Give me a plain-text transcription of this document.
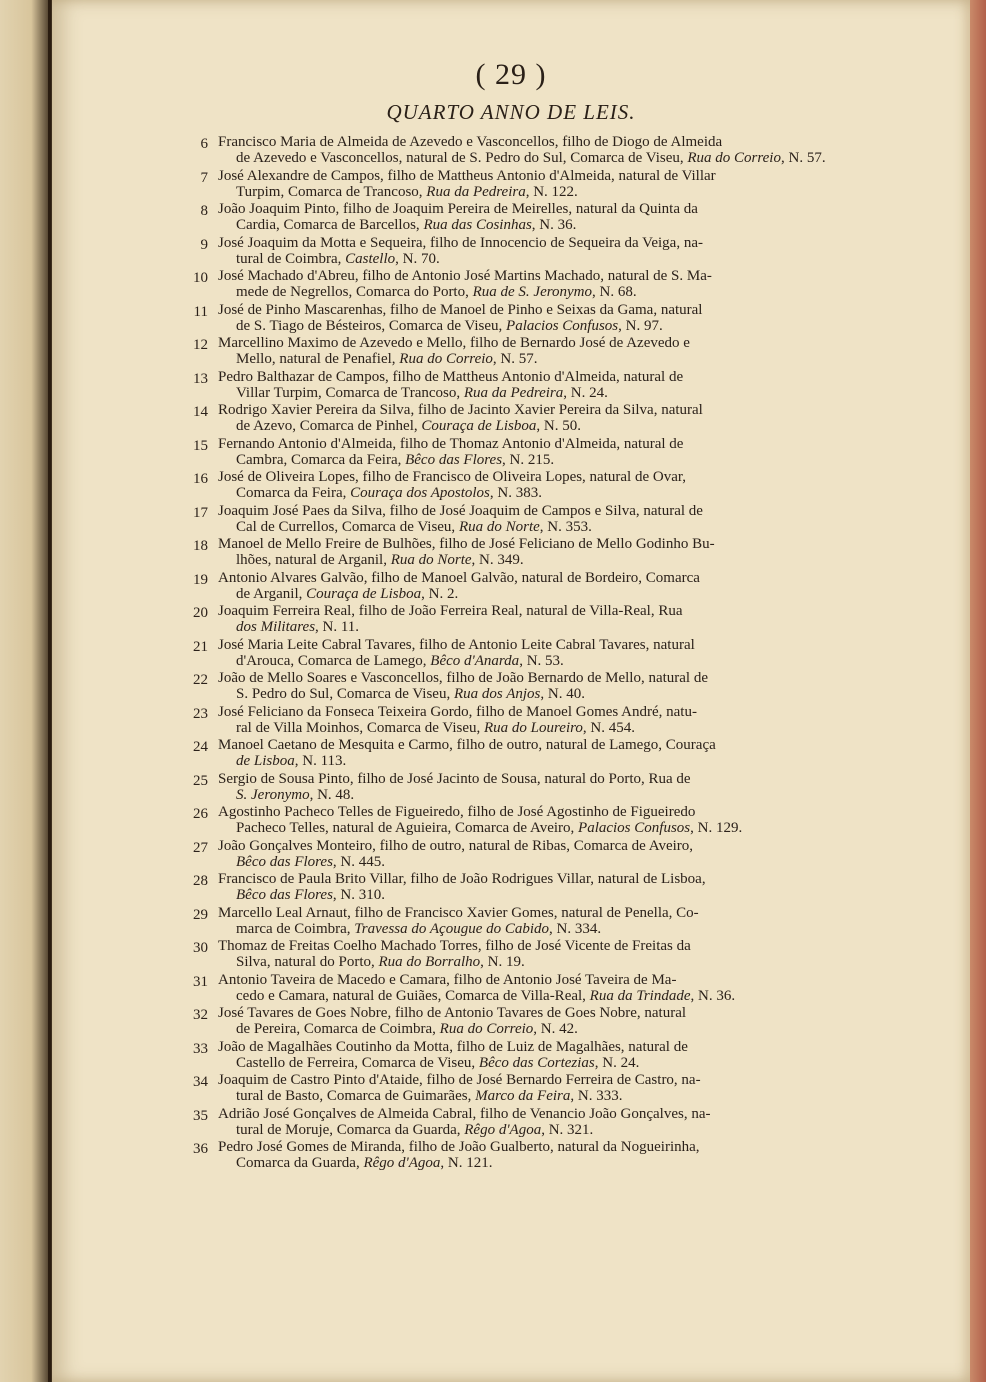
( 29 )
QUARTO ANNO DE LEIS.
6 Francisco Maria de Almeida de Azevedo e Vasconcellos, filho de Diogo de Almeida
de Azevedo e Vasconcellos, natural de S. Pedro do Sul, Comarca de Viseu, Rua do Correio, N. 57.
7 José Alexandre de Campos, filho de Mattheus Antonio d'Almeida, natural de Villar
Turpim, Comarca de Trancoso, Rua da Pedreira, N. 122.
8 João Joaquim Pinto, filho de Joaquim Pereira de Meirelles, natural da Quinta da
Cardia, Comarca de Barcellos, Rua das Cosinhas, N. 36.
9 José Joaquim da Motta e Sequeira, filho de Innocencio de Sequeira da Veiga, na-
tural de Coimbra, Castello, N. 70.
10 José Machado d'Abreu, filho de Antonio José Martins Machado, natural de S. Ma-
mede de Negrellos, Comarca do Porto, Rua de S. Jeronymo, N. 68.
11 José de Pinho Mascarenhas, filho de Manoel de Pinho e Seixas da Gama, natural
de S. Tiago de Bésteiros, Comarca de Viseu, Palacios Confusos, N. 97.
12 Marcellino Maximo de Azevedo e Mello, filho de Bernardo José de Azevedo e
Mello, natural de Penafiel, Rua do Correio, N. 57.
13 Pedro Balthazar de Campos, filho de Mattheus Antonio d'Almeida, natural de
Villar Turpim, Comarca de Trancoso, Rua da Pedreira, N. 24.
14 Rodrigo Xavier Pereira da Silva, filho de Jacinto Xavier Pereira da Silva, natural
de Azevo, Comarca de Pinhel, Couraça de Lisboa, N. 50.
15 Fernando Antonio d'Almeida, filho de Thomaz Antonio d'Almeida, natural de
Cambra, Comarca da Feira, Bêco das Flores, N. 215.
16 José de Oliveira Lopes, filho de Francisco de Oliveira Lopes, natural de Ovar,
Comarca da Feira, Couraça dos Apostolos, N. 383.
17 Joaquim José Paes da Silva, filho de José Joaquim de Campos e Silva, natural de
Cal de Currellos, Comarca de Viseu, Rua do Norte, N. 353.
18 Manoel de Mello Freire de Bulhões, filho de José Feliciano de Mello Godinho Bu-
lhões, natural de Arganil, Rua do Norte, N. 349.
19 Antonio Alvares Galvão, filho de Manoel Galvão, natural de Bordeiro, Comarca
de Arganil, Couraça de Lisboa, N. 2.
20 Joaquim Ferreira Real, filho de João Ferreira Real, natural de Villa-Real, Rua
dos Militares, N. 11.
21 José Maria Leite Cabral Tavares, filho de Antonio Leite Cabral Tavares, natural
d'Arouca, Comarca de Lamego, Bêco d'Anarda, N. 53.
22 João de Mello Soares e Vasconcellos, filho de João Bernardo de Mello, natural de
S. Pedro do Sul, Comarca de Viseu, Rua dos Anjos, N. 40.
23 José Feliciano da Fonseca Teixeira Gordo, filho de Manoel Gomes André, natu-
ral de Villa Moinhos, Comarca de Viseu, Rua do Loureiro, N. 454.
24 Manoel Caetano de Mesquita e Carmo, filho de outro, natural de Lamego, Couraça
de Lisboa, N. 113.
25 Sergio de Sousa Pinto, filho de José Jacinto de Sousa, natural do Porto, Rua de
S. Jeronymo, N. 48.
26 Agostinho Pacheco Telles de Figueiredo, filho de José Agostinho de Figueiredo
Pacheco Telles, natural de Aguieira, Comarca de Aveiro, Palacios Confusos, N. 129.
27 João Gonçalves Monteiro, filho de outro, natural de Ribas, Comarca de Aveiro,
Bêco das Flores, N. 445.
28 Francisco de Paula Brito Villar, filho de João Rodrigues Villar, natural de Lisboa,
Bêco das Flores, N. 310.
29 Marcello Leal Arnaut, filho de Francisco Xavier Gomes, natural de Penella, Co-
marca de Coimbra, Travessa do Açougue do Cabido, N. 334.
30 Thomaz de Freitas Coelho Machado Torres, filho de José Vicente de Freitas da
Silva, natural do Porto, Rua do Borralho, N. 19.
31 Antonio Taveira de Macedo e Camara, filho de Antonio José Taveira de Ma-
cedo e Camara, natural de Guiães, Comarca de Villa-Real, Rua da Trindade, N. 36.
32 José Tavares de Goes Nobre, filho de Antonio Tavares de Goes Nobre, natural
de Pereira, Comarca de Coimbra, Rua do Correio, N. 42.
33 João de Magalhães Coutinho da Motta, filho de Luiz de Magalhães, natural de
Castello de Ferreira, Comarca de Viseu, Bêco das Cortezias, N. 24.
34 Joaquim de Castro Pinto d'Ataide, filho de José Bernardo Ferreira de Castro, na-
tural de Basto, Comarca de Guimarães, Marco da Feira, N. 333.
35 Adrião José Gonçalves de Almeida Cabral, filho de Venancio João Gonçalves, na-
tural de Moruje, Comarca da Guarda, Rêgo d'Agoa, N. 321.
36 Pedro José Gomes de Miranda, filho de João Gualberto, natural da Nogueirinha,
Comarca da Guarda, Rêgo d'Agoa, N. 121.
